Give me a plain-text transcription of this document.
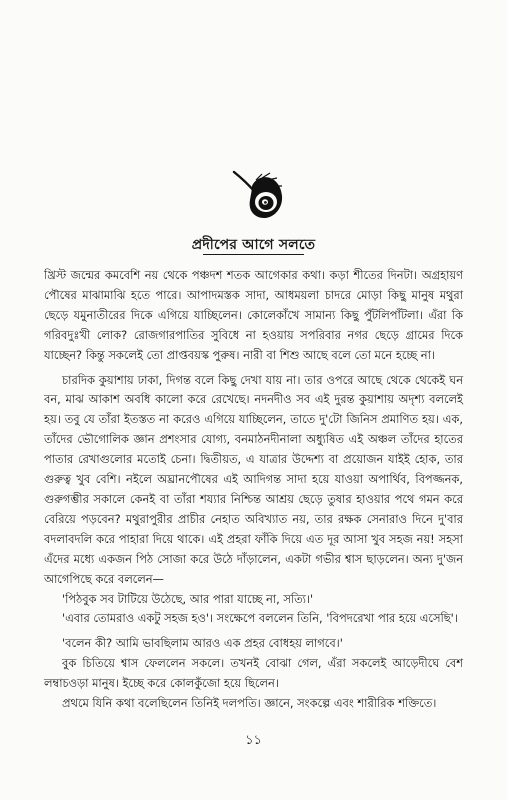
প্রদীপের আগে সলতে

খ্রিস্ট জন্মের কমবেশি নয় থেকে পঞ্চদশ শতক আগেকার কথা। কড়া শীতের দিনটা। অগ্রহায়ণ পৌষের মাঝামাঝি হতে পারে। আপাদমস্তক সাদা, আধময়লা চাদরে মোড়া কিছু মানুষ মথুরা ছেড়ে যমুনাতীরের দিকে এগিয়ে যাচ্ছিলেন। কোলেকাঁখে সামান্য কিছু পুঁটলিপাঁটলা। এঁরা কি গরিবদুঃখী লোক? রোজগারপাতির সুবিধে না হওয়ায় সপরিবার নগর ছেড়ে গ্রামের দিকে যাচ্ছেন? কিন্তু সকলেই তো প্রাপ্তবয়স্ক পুরুষ। নারী বা শিশু আছে বলে তো মনে হচ্ছে না।

চারদিক কুয়াশায় ঢাকা, দিগন্ত বলে কিছু দেখা যায় না। তার ওপরে আছে থেকে থেকেই ঘন বন, মাঝ আকাশ অবধি কালো করে রেখেছে। নদনদীও সব এই দুরন্ত কুয়াশায় অদৃশ্য বললেই হয়। তবু যে তাঁরা ইতস্তত না করেও এগিয়ে যাচ্ছিলেন, তাতে দু'টো জিনিস প্রমাণিত হয়। এক, তাঁদের ভৌগোলিক জ্ঞান প্রশংসার যোগ্য, বনমাঠনদীনালা অধ্যুষিত এই অঞ্চল তাঁদের হাতের পাতার রেখাগুলোর মতোই চেনা। দ্বিতীয়ত, এ যাত্রার উদ্দেশ্য বা প্রয়োজন যাইই হোক, তার গুরুত্ব খুব বেশি। নইলে অঘ্রানপৌষের এই আদিগন্ত সাদা হয়ে যাওয়া অপার্থিব, বিপজ্জনক, গুরুগম্ভীর সকালে কেনই বা তাঁরা শয্যার নিশ্চিন্ত আশ্রয় ছেড়ে তুষার হাওয়ার পথে গমন করে বেরিয়ে পড়বেন? মথুরাপুরীর প্রাচীর নেহাত অবিখ্যাত নয়, তার রক্ষক সেনারাও দিনে দু'বার বদলাবদলি করে পাহারা দিয়ে থাকে। এই প্রহরা ফাঁকি দিয়ে এত দূর আসা খুব সহজ নয়! সহসা এঁদের মধ্যে একজন পিঠ সোজা করে উঠে দাঁড়ালেন, একটা গভীর শ্বাস ছাড়লেন। অন্য দু'জন আগেপিছে করে বললেন—

'পিঠবুক সব টাটিয়ে উঠেছে, আর পারা যাচ্ছে না, সত্যি।'

'এবার তোমরাও একটু সহজ হও'। সংক্ষেপে বললেন তিনি, 'বিপদরেখা পার হয়ে এসেছি'।

'বলেন কী? আমি ভাবছিলাম আরও এক প্রহর বোধহয় লাগবে।'

বুক চিতিয়ে শ্বাস ফেললেন সকলে। তখনই বোঝা গেল, এঁরা সকলেই আড়েদীঘে বেশ লম্বাচওড়া মানুষ। ইচ্ছে করে কোলকুঁজো হয়ে ছিলেন।

প্রথমে যিনি কথা বলেছিলেন তিনিই দলপতি। জ্ঞানে, সংকল্পে এবং শারীরিক শক্তিতে।

১১
